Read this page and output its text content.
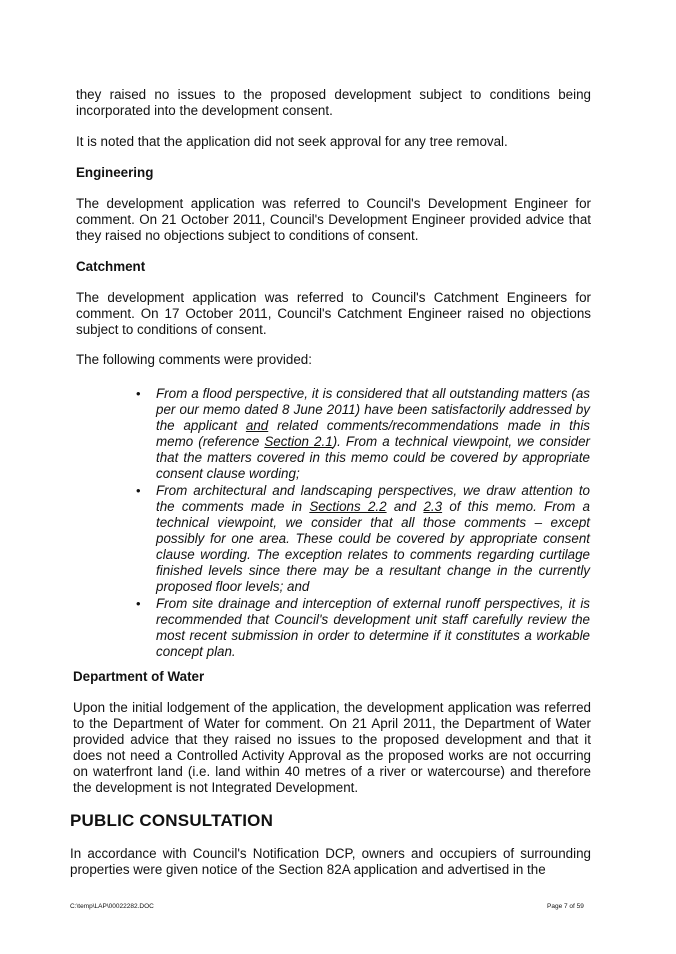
they raised no issues to the proposed development subject to conditions being incorporated into the development consent.

It is noted that the application did not seek approval for any tree removal.

Engineering

The development application was referred to Council's Development Engineer for comment. On 21 October 2011, Council's Development Engineer provided advice that they raised no objections subject to conditions of consent.

Catchment

The development application was referred to Council's Catchment Engineers for comment. On 17 October 2011, Council's Catchment Engineer raised no objections subject to conditions of consent.

The following comments were provided:

• From a flood perspective, it is considered that all outstanding matters (as per our memo dated 8 June 2011) have been satisfactorily addressed by the applicant and related comments/recommendations made in this memo (reference Section 2.1). From a technical viewpoint, we consider that the matters covered in this memo could be covered by appropriate consent clause wording;
• From architectural and landscaping perspectives, we draw attention to the comments made in Sections 2.2 and 2.3 of this memo. From a technical viewpoint, we consider that all those comments – except possibly for one area. These could be covered by appropriate consent clause wording. The exception relates to comments regarding curtilage finished levels since there may be a resultant change in the currently proposed floor levels; and
• From site drainage and interception of external runoff perspectives, it is recommended that Council's development unit staff carefully review the most recent submission in order to determine if it constitutes a workable concept plan.
Department of Water

Upon the initial lodgement of the application, the development application was referred to the Department of Water for comment. On 21 April 2011, the Department of Water provided advice that they raised no issues to the proposed development and that it does not need a Controlled Activity Approval as the proposed works are not occurring on waterfront land (i.e. land within 40 metres of a river or watercourse) and therefore the development is not Integrated Development.

PUBLIC CONSULTATION

In accordance with Council's Notification DCP, owners and occupiers of surrounding properties were given notice of the Section 82A application and advertised in the

C:\temp\LAP\00022282.DOC	Page 7 of 59
